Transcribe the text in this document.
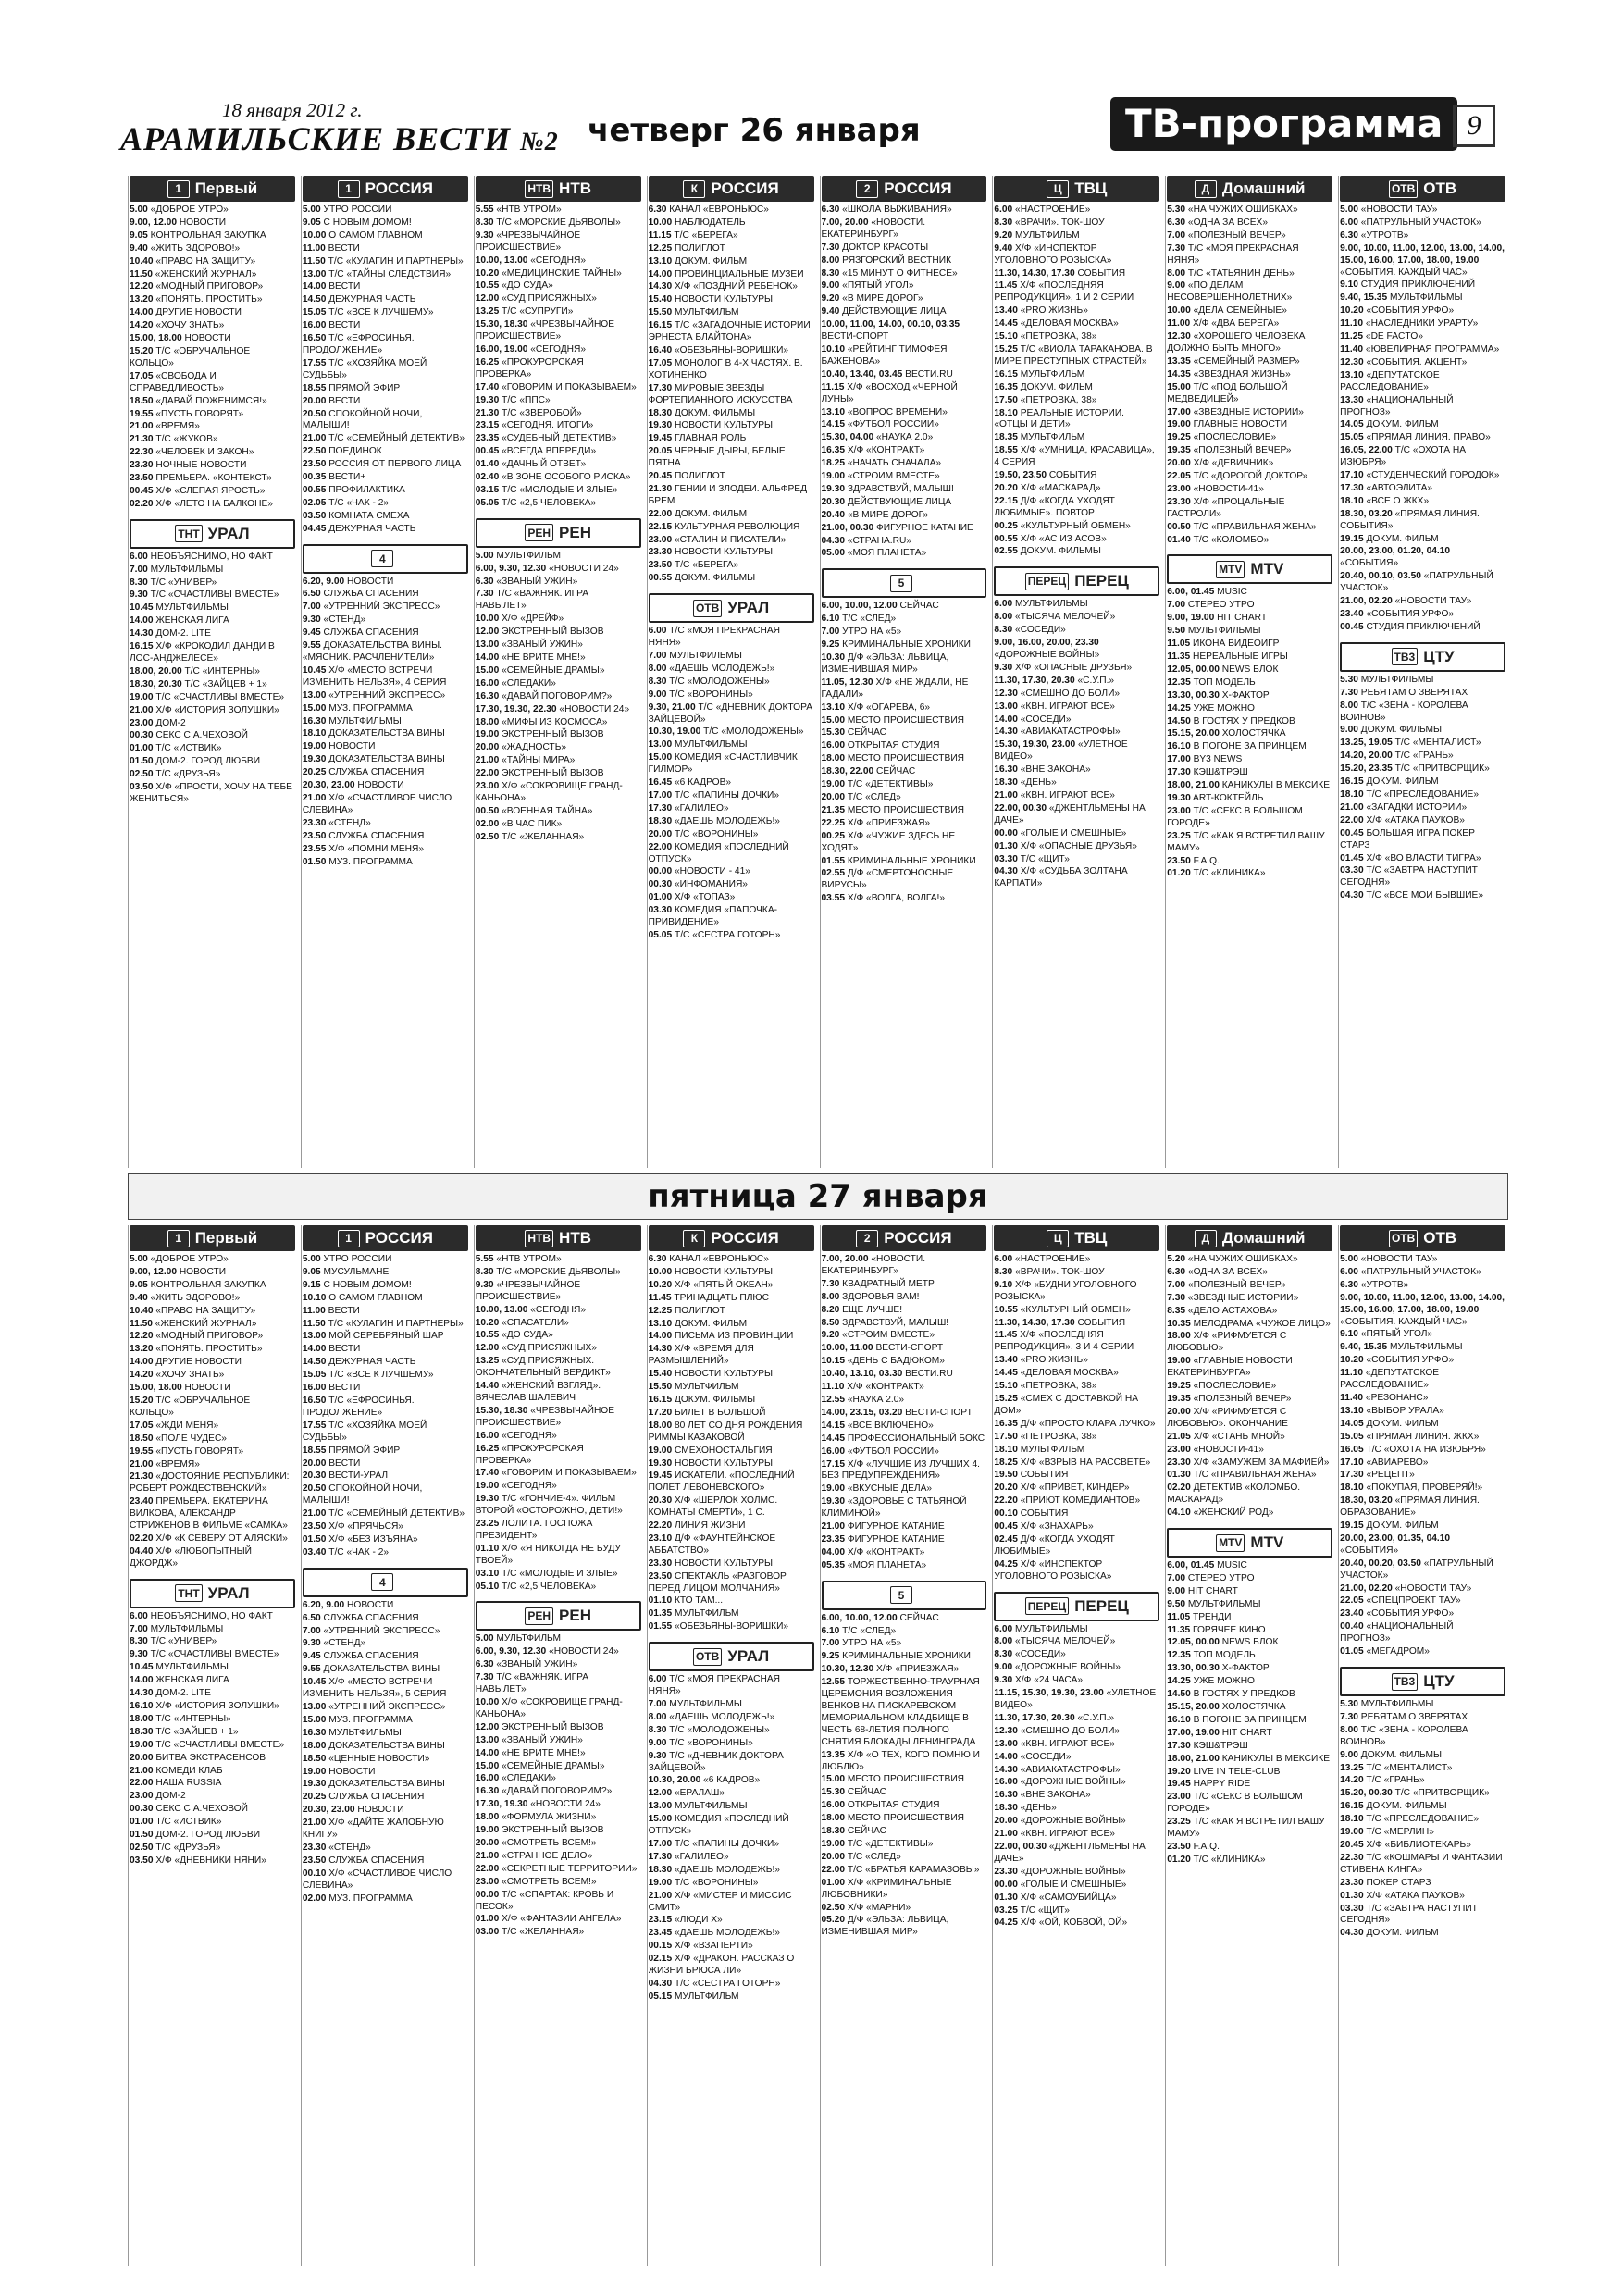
18 января 2012 г.
АРАМИЛЬСКИЕ ВЕСТИ №2 четверг 26 января	ТВ-программа 9
1 Первый
5.00 «ДОБРОЕ УТРО»
9.00, 12.00 НОВОСТИ
9.05 КОНТРОЛЬНАЯ ЗАКУПКА
9.40 «ЖИТЬ ЗДОРОВО!»
10.40 «ПРАВО НА ЗАЩИТУ»
11.50 «ЖЕНСКИЙ ЖУРНАЛ»
12.20 «МОДНЫЙ ПРИГОВОР»
13.20 «ПОНЯТЬ. ПРОСТИТЬ»
14.00 ДРУГИЕ НОВОСТИ
14.20 «ХОЧУ ЗНАТЬ»
15.00, 18.00 НОВОСТИ
15.20 Т/С «ОБРУЧАЛЬНОЕ КОЛЬЦО»
17.05 «СВОБОДА И СПРАВЕДЛИВОСТЬ»
18.50 «ДАВАЙ ПОЖЕНИМСЯ!»
19.55 «ПУСТЬ ГОВОРЯТ»
21.00 «ВРЕМЯ»
21.30 Т/С «ЖУКОВ»
22.30 «ЧЕЛОВЕК И ЗАКОН»
23.30 НОЧНЫЕ НОВОСТИ
23.50 ПРЕМЬЕРА. «КОНТЕКСТ»
00.45 Х/Ф «СЛЕПАЯ ЯРОСТЬ»
02.20 Х/Ф «ЛЕТО НА БАЛКОНЕ»
ТНТ УРАЛ
6.00 НЕОБЪЯСНИМО, НО ФАКТ
7.00 МУЛЬТФИЛЬМЫ
8.30 Т/С «УНИВЕР»
9.30 Т/С «СЧАСТЛИВЫ ВМЕСТЕ»
10.45 МУЛЬТФИЛЬМЫ
14.00 ЖЕНСКАЯ ЛИГА
14.30 ДОМ-2. LITE
16.15 Х/Ф «КРОКОДИЛ ДАНДИ В ЛОС-АНДЖЕЛЕСЕ»
18.00, 20.00 Т/С «ИНТЕРНЫ»
18.30, 20.30 Т/С «ЗАЙЦЕВ + 1»
19.00 Т/С «СЧАСТЛИВЫ ВМЕСТЕ»
21.00 Х/Ф «ИСТОРИЯ ЗОЛУШКИ»
23.00 ДОМ-2
00.30 СЕКС С А.ЧЕХОВОЙ
01.00 Т/С «ИСТВИК»
01.50 ДОМ-2. ГОРОД ЛЮБВИ
02.50 Т/С «ДРУЗЬЯ»
03.50 Х/Ф «ПРОСТИ, ХОЧУ НА ТЕБЕ ЖЕНИТЬСЯ»
1 РОССИЯ
5.00 УТРО РОССИИ
9.05 С НОВЫМ ДОМОМ!
10.00 О САМОМ ГЛАВНОМ
11.00 ВЕСТИ
11.50 Т/С «КУЛАГИН И ПАРТНЕРЫ»
13.00 Т/С «ТАЙНЫ СЛЕДСТВИЯ»
14.00 ВЕСТИ
14.50 ДЕЖУРНАЯ ЧАСТЬ
15.05 Т/С «ВСЕ К ЛУЧШЕМУ»
16.00 ВЕСТИ
16.50 Т/С «ЕФРОСИНЬЯ. ПРОДОЛЖЕНИЕ»
17.55 Т/С «ХОЗЯЙКА МОЕЙ СУДЬБЫ»
18.55 ПРЯМОЙ ЭФИР
20.00 ВЕСТИ
20.50 СПОКОЙНОЙ НОЧИ, МАЛЫШИ!
21.00 Т/С «СЕМЕЙНЫЙ ДЕТЕКТИВ»
22.50 ПОЕДИНОК
23.50 РОССИЯ ОТ ПЕРВОГО ЛИЦА
00.35 ВЕСТИ+
00.55 ПРОФИЛАКТИКА
02.05 Т/С «ЧАК - 2»
03.50 КОМНАТА СМЕХА
04.45 ДЕЖУРНАЯ ЧАСТЬ
4
6.20, 9.00 НОВОСТИ
6.50 СЛУЖБА СПАСЕНИЯ
7.00 «УТРЕННИЙ ЭКСПРЕСС»
9.30 «СТЕНД»
9.45 СЛУЖБА СПАСЕНИЯ
9.55 ДОКАЗАТЕЛЬСТВА ВИНЫ. «МЯСНИК. РАСЧЛЕНИТЕЛИ»
10.45 Х/Ф «МЕСТО ВСТРЕЧИ ИЗМЕНИТЬ НЕЛЬЗЯ», 4 СЕРИЯ
13.00 «УТРЕННИЙ ЭКСПРЕСС»
15.00 МУЗ. ПРОГРАММА
16.30 МУЛЬТФИЛЬМЫ
18.10 ДОКАЗАТЕЛЬСТВА ВИНЫ
19.00 НОВОСТИ
19.30 ДОКАЗАТЕЛЬСТВА ВИНЫ
20.25 СЛУЖБА СПАСЕНИЯ
20.30, 23.00 НОВОСТИ
21.00 Х/Ф «СЧАСТЛИВОЕ ЧИСЛО СЛЕВИНА»
23.30 «СТЕНД»
23.50 СЛУЖБА СПАСЕНИЯ
23.55 Х/Ф «ПОМНИ МЕНЯ»
01.50 МУЗ. ПРОГРАММА
НТВ НТВ
5.55 «НТВ УТРОМ»
8.30 Т/С «МОРСКИЕ ДЬЯВОЛЫ»
9.30 «ЧРЕЗВЫЧАЙНОЕ ПРОИСШЕСТВИЕ»
10.00, 13.00 «СЕГОДНЯ»
10.20 «МЕДИЦИНСКИЕ ТАЙНЫ»
10.55 «ДО СУДА»
12.00 «СУД ПРИСЯЖНЫХ»
13.25 Т/С «СУПРУГИ»
15.30, 18.30 «ЧРЕЗВЫЧАЙНОЕ ПРОИСШЕСТВИЕ»
16.00, 19.00 «СЕГОДНЯ»
16.25 «ПРОКУРОРСКАЯ ПРОВЕРКА»
17.40 «ГОВОРИМ И ПОКАЗЫВАЕМ»
19.30 Т/С «ППС»
21.30 Т/С «ЗВЕРОБОЙ»
23.15 «СЕГОДНЯ. ИТОГИ»
23.35 «СУДЕБНЫЙ ДЕТЕКТИВ»
00.45 «ВСЕГДА ВПЕРЕДИ»
01.40 «ДАЧНЫЙ ОТВЕТ»
02.40 «В ЗОНЕ ОСОБОГО РИСКА»
03.15 Т/С «МОЛОДЫЕ И ЗЛЫЕ»
05.05 Т/С «2,5 ЧЕЛОВЕКА»
РЕН РЕН
5.00 МУЛЬТФИЛЬМ
6.00, 9.30, 12.30 «НОВОСТИ 24»
6.30 «ЗВАНЫЙ УЖИН»
7.30 Т/С «ВАЖНЯК. ИГРА НАВЫЛЕТ»
10.00 Х/Ф «ДРЕЙФ»
12.00 ЭКСТРЕННЫЙ ВЫЗОВ
13.00 «ЗВАНЫЙ УЖИН»
14.00 «НЕ ВРИТЕ МНЕ!»
15.00 «СЕМЕЙНЫЕ ДРАМЫ»
16.00 «СЛЕДАКИ»
16.30 «ДАВАЙ ПОГОВОРИМ?»
17.30, 19.30, 22.30 «НОВОСТИ 24»
18.00 «МИФЫ ИЗ КОСМОСА»
19.00 ЭКСТРЕННЫЙ ВЫЗОВ
20.00 «ЖАДНОСТЬ»
21.00 «ТАЙНЫ МИРА»
22.00 ЭКСТРЕННЫЙ ВЫЗОВ
23.00 Х/Ф «СОКРОВИЩЕ ГРАНД-КАНЬОНА»
00.50 «ВОЕННАЯ ТАЙНА»
02.00 «В ЧАС ПИК»
02.50 Т/С «ЖЕЛАННАЯ»
К РОССИЯ
6.30 КАНАЛ «ЕВРОНЬЮС»
10.00 НАБЛЮДАТЕЛЬ
11.15 Т/С «БЕРЕГА»
12.25 ПОЛИГЛОТ
13.10 ДОКУМ. ФИЛЬМ
14.00 ПРОВИНЦИАЛЬНЫЕ МУЗЕИ
14.30 Х/Ф «ПОЗДНИЙ РЕБЕНОК»
15.40 НОВОСТИ КУЛЬТУРЫ
15.50 МУЛЬТФИЛЬМ
16.15 Т/С «ЗАГАДОЧНЫЕ ИСТОРИИ ЭРНЕСТА БЛАЙТОНА»
16.40 «ОБЕЗЬЯНЫ-ВОРИШКИ»
17.05 МОНОЛОГ В 4-Х ЧАСТЯХ. В. ХОТИНЕНКО
17.30 МИРОВЫЕ ЗВЕЗДЫ ФОРТЕПИАННОГО ИСКУССТВА
18.30 ДОКУМ. ФИЛЬМЫ
19.30 НОВОСТИ КУЛЬТУРЫ
19.45 ГЛАВНАЯ РОЛЬ
20.05 ЧЕРНЫЕ ДЫРЫ, БЕЛЫЕ ПЯТНА
20.45 ПОЛИГЛОТ
21.30 ГЕНИИ И ЗЛОДЕИ. АЛЬФРЕД БРЕМ
22.00 ДОКУМ. ФИЛЬМ
22.15 КУЛЬТУРНАЯ РЕВОЛЮЦИЯ
23.00 «СТАЛИН И ПИСАТЕЛИ»
23.30 НОВОСТИ КУЛЬТУРЫ
23.50 Т/С «БЕРЕГА»
00.55 ДОКУМ. ФИЛЬМЫ
ОТВ УРАЛ
6.00 Т/С «МОЯ ПРЕКРАСНАЯ НЯНЯ»
7.00 МУЛЬТФИЛЬМЫ
8.00 «ДАЕШЬ МОЛОДЕЖЬ!»
8.30 Т/С «МОЛОДОЖЕНЫ»
9.00 Т/С «ВОРОНИНЫ»
9.30, 21.00 Т/С «ДНЕВНИК ДОКТОРА ЗАЙЦЕВОЙ»
10.30, 19.00 Т/С «МОЛОДОЖЕНЫ»
13.00 МУЛЬТФИЛЬМЫ
15.00 КОМЕДИЯ «СЧАСТЛИВЧИК ГИЛМОР»
16.45 «6 КАДРОВ»
17.00 Т/С «ПАПИНЫ ДОЧКИ»
17.30 «ГАЛИЛЕО»
18.30 «ДАЕШЬ МОЛОДЕЖЬ!»
20.00 Т/С «ВОРОНИНЫ»
22.00 КОМЕДИЯ «ПОСЛЕДНИЙ ОТПУСК»
00.00 «НОВОСТИ - 41»
00.30 «ИНФОМАНИЯ»
01.00 Х/Ф «ТОПАЗ»
03.30 КОМЕДИЯ «ПАПОЧКА-ПРИВИДЕНИЕ»
05.05 Т/С «СЕСТРА ГОТОРН»
2 РОССИЯ
6.30 «ШКОЛА ВЫЖИВАНИЯ»
7.00, 20.00 «НОВОСТИ. ЕКАТЕРИНБУРГ»
7.30 ДОКТОР КРАСОТЫ
8.00 РЯЗГОРСКИЙ ВЕСТНИК
8.30 «15 МИНУТ О ФИТНЕСЕ»
9.00 «ПЯТЫЙ УГОЛ»
9.20 «В МИРЕ ДОРОГ»
9.40 ДЕЙСТВУЮЩИЕ ЛИЦА
10.00, 11.00, 14.00, 00.10, 03.35 ВЕСТИ-СПОРТ
10.10 «РЕЙТИНГ ТИМОФЕЯ БАЖЕНОВА»
10.40, 13.40, 03.45 ВЕСТИ.RU
11.15 Х/Ф «ВОСХОД «ЧЕРНОЙ ЛУНЫ»
13.10 «ВОПРОС ВРЕМЕНИ»
14.15 «ФУТБОЛ РОССИИ»
15.30, 04.00 «НАУКА 2.0»
16.35 Х/Ф «КОНТРАКТ»
18.25 «НАЧАТЬ СНАЧАЛА»
19.00 «СТРОИМ ВМЕСТЕ»
19.30 ЗДРАВСТВУЙ, МАЛЫШ!
20.30 ДЕЙСТВУЮЩИЕ ЛИЦА
20.40 «В МИРЕ ДОРОГ»
21.00, 00.30 ФИГУРНОЕ КАТАНИЕ
04.30 «СТРАНА.RU»
05.00 «МОЯ ПЛАНЕТА»
5
6.00, 10.00, 12.00 СЕЙЧАС
6.10 Т/С «СЛЕД»
7.00 УТРО НА «5»
9.25 КРИМИНАЛЬНЫЕ ХРОНИКИ
10.30 Д/Ф «ЭЛЬЗА: ЛЬВИЦА, ИЗМЕНИВШАЯ МИР»
11.05, 12.30 Х/Ф «НЕ ЖДАЛИ, НЕ ГАДАЛИ»
13.10 Х/Ф «ОГАРЕВА, 6»
15.00 МЕСТО ПРОИСШЕСТВИЯ
15.30 СЕЙЧАС
16.00 ОТКРЫТАЯ СТУДИЯ
18.00 МЕСТО ПРОИСШЕСТВИЯ
18.30, 22.00 СЕЙЧАС
19.00 Т/С «ДЕТЕКТИВЫ»
20.00 Т/С «СЛЕД»
21.35 МЕСТО ПРОИСШЕСТВИЯ
22.25 Х/Ф «ПРИЕЗЖАЯ»
00.25 Х/Ф «ЧУЖИЕ ЗДЕСЬ НЕ ХОДЯТ»
01.55 КРИМИНАЛЬНЫЕ ХРОНИКИ
02.55 Д/Ф «СМЕРТОНОСНЫЕ ВИРУСЫ»
03.55 Х/Ф «ВОЛГА, ВОЛГА!»
Ц ТВЦ
6.00 «НАСТРОЕНИЕ»
8.30 «ВРАЧИ». ТОК-ШОУ
9.20 МУЛЬТФИЛЬМ
9.40 Х/Ф «ИНСПЕКТОР УГОЛОВНОГО РОЗЫСКА»
11.30, 14.30, 17.30 СОБЫТИЯ
11.45 Х/Ф «ПОСЛЕДНЯЯ РЕПРОДУКЦИЯ», 1 И 2 СЕРИИ
13.40 «PRO ЖИЗНЬ»
14.45 «ДЕЛОВАЯ МОСКВА»
15.10 «ПЕТРОВКА, 38»
15.25 Т/С «ВИОЛА ТАРАКАНОВA. В МИРЕ ПРЕСТУПНЫХ СТРАСТЕЙ»
16.15 МУЛЬТФИЛЬМ
16.35 ДОКУМ. ФИЛЬМ
17.50 «ПЕТРОВКА, 38»
18.10 РЕАЛЬНЫЕ ИСТОРИИ. «ОТЦЫ И ДЕТИ»
18.35 МУЛЬТФИЛЬМ
18.55 Х/Ф «УМНИЦА, КРАСАВИЦА», 4 СЕРИЯ
19.50, 23.50 СОБЫТИЯ
20.20 Х/Ф «МАСКАРАД»
22.15 Д/Ф «КОГДА УХОДЯТ ЛЮБИМЫЕ». ПОВТОР
00.25 «КУЛЬТУРНЫЙ ОБМЕН»
00.55 Х/Ф «АС ИЗ АСОВ»
02.55 ДОКУМ. ФИЛЬМЫ
ПЕРЕЦ ПЕРЕЦ
6.00 МУЛЬТФИЛЬМЫ
8.00 «ТЫСЯЧА МЕЛОЧЕЙ»
8.30 «СОСЕДИ»
9.00, 16.00, 20.00, 23.30 «ДОРОЖНЫЕ ВОЙНЫ»
9.30 Х/Ф «ОПАСНЫЕ ДРУЗЬЯ»
11.30, 17.30, 20.30 «С.У.П.»
12.30 «СМЕШНО ДО БОЛИ»
13.00 «КВН. ИГРАЮТ ВСЕ»
14.00 «СОСЕДИ»
14.30 «АВИАКАТАСТРОФЫ»
15.30, 19.30, 23.00 «УЛЕТНОЕ ВИДЕО»
16.30 «ВНЕ ЗАКОНА»
18.30 «ДЕНЬ»
21.00 «КВН. ИГРАЮТ ВСЕ»
22.00, 00.30 «ДЖЕНТЛЬМЕНЫ НА ДАЧЕ»
00.00 «ГОЛЫЕ И СМЕШНЫЕ»
01.30 Х/Ф «ОПАСНЫЕ ДРУЗЬЯ»
03.30 Т/С «ЩИТ»
04.30 Х/Ф «СУДЬБА ЗОЛТАНА КАРПАТИ»
Д Домашний
5.30 «НА ЧУЖИХ ОШИБКАХ»
6.30 «ОДНА ЗА ВСЕХ»
7.00 «ПОЛЕЗНЫЙ ВЕЧЕР»
7.30 Т/С «МОЯ ПРЕКРАСНАЯ НЯНЯ»
8.00 Т/С «ТАТЬЯНИН ДЕНЬ»
9.00 «ПО ДЕЛАМ НЕСОВЕРШЕННОЛЕТНИХ»
10.00 «ДЕЛА СЕМЕЙНЫЕ»
11.00 Х/Ф «ДВА БЕРЕГА»
12.30 «ХОРОШЕГО ЧЕЛОВЕКА ДОЛЖНО БЫТЬ МНОГО»
13.35 «СЕМЕЙНЫЙ РАЗМЕР»
14.35 «ЗВЕЗДНАЯ ЖИЗНЬ»
15.00 Т/С «ПОД БОЛЬШОЙ МЕДВЕДИЦЕЙ»
17.00 «ЗВЕЗДНЫЕ ИСТОРИИ»
19.00 ГЛАВНЫЕ НОВОСТИ
19.25 «ПОСЛЕСЛОВИЕ»
19.35 «ПОЛЕЗНЫЙ ВЕЧЕР»
20.00 Х/Ф «ДЕВИЧНИК»
22.05 Т/С «ДОРОГОЙ ДОКТОР»
23.00 «НОВОСТИ-41»
23.30 Х/Ф «ПРОЦАЛЬНЫЕ ГАСТРОЛИ»
00.50 Т/С «ПРАВИЛЬНАЯ ЖЕНА»
01.40 Т/С «КОЛОМБО»
MTV MTV
6.00, 01.45 MUSIC
7.00 СТЕРЕО УТРО
9.00, 19.00 HIT CHART
9.50 МУЛЬТФИЛЬМЫ
11.05 ИКОНА ВИДЕОИГР
11.35 НЕРЕАЛЬНЫЕ ИГРЫ
12.05, 00.00 NEWS БЛОК
12.35 ТОП МОДЕЛЬ
13.30, 00.30 Х-ФАКТОР
14.25 УЖЕ МОЖНО
14.50 В ГОСТЯХ У ПРЕДКОВ
15.15, 20.00 ХОЛОСТЯЧКА
16.10 В ПОГОНЕ ЗА ПРИНЦЕМ
17.00 BY3 NEWS
17.30 КЭШ&ТРЭШ
18.00, 21.00 КАНИКУЛЫ В МЕКСИКЕ
19.30 ART-КОКТЕЙЛЬ
23.00 Т/С «СЕКС В БОЛЬШОМ ГОРОДЕ»
23.25 Т/С «КАК Я ВСТРЕТИЛ ВАШУ МАМУ»
23.50 F.A.Q.
01.20 Т/С «КЛИНИКА»
ОТВ ОТВ
5.00 «НОВОСТИ ТАУ»
6.00 «ПАТРУЛЬНЫЙ УЧАСТОК»
6.30 «УТРОТВ»
9.00, 10.00, 11.00, 12.00, 13.00, 14.00, 15.00, 16.00, 17.00, 18.00, 19.00 «СОБЫТИЯ. КАЖДЫЙ ЧАС»
9.10 СТУДИЯ ПРИКЛЮЧЕНИЙ
9.40, 15.35 МУЛЬТФИЛЬМЫ
10.20 «СОБЫТИЯ УРФО»
11.10 «НАСЛЕДНИКИ УРАРТУ»
11.25 «DE FACTO»
11.40 «ЮВЕЛИРНАЯ ПРОГРАММА»
12.30 «СОБЫТИЯ. АКЦЕНТ»
13.10 «ДЕПУТАТСКОЕ РАССЛЕДОВАНИЕ»
13.30 «НАЦИОНАЛЬНЫЙ ПРОГНОЗ»
14.05 ДОКУМ. ФИЛЬМ
15.05 «ПРЯМАЯ ЛИНИЯ. ПРАВО»
16.05, 22.00 Т/С «ОХОТА НА ИЗЮБРЯ»
17.10 «СТУДЕНЧЕСКИЙ ГОРОДОК»
17.30 «АВТОЭЛИТА»
18.10 «ВСЕ О ЖКХ»
18.30, 03.20 «ПРЯМАЯ ЛИНИЯ. СОБЫТИЯ»
19.15 ДОКУМ. ФИЛЬМ
20.00, 23.00, 01.20, 04.10 «СОБЫТИЯ»
20.40, 00.10, 03.50 «ПАТРУЛЬНЫЙ УЧАСТОК»
21.00, 02.20 «НОВОСТИ ТАУ»
23.40 «СОБЫТИЯ УРФО»
00.45 СТУДИЯ ПРИКЛЮЧЕНИЙ
ТВ3 ЦТУ
5.30 МУЛЬТФИЛЬМЫ
7.30 РЕБЯТАМ О ЗВЕРЯТАХ
8.00 Т/С «ЗЕНА - КОРОЛЕВА ВОИНОВ»
9.00 ДОКУМ. ФИЛЬМЫ
13.25, 19.05 Т/С «МЕНТАЛИСТ»
14.20, 20.00 Т/С «ГРАНЬ»
15.20, 23.35 Т/С «ПРИТВОРЩИК»
16.15 ДОКУМ. ФИЛЬМ
18.10 Т/С «ПРЕСЛЕДОВАНИЕ»
21.00 «ЗАГАДКИ ИСТОРИИ»
22.00 Х/Ф «АТАКА ПАУКОВ»
00.45 БОЛЬШАЯ ИГРА ПОКЕР СТАРЗ
01.45 Х/Ф «ВО ВЛАСТИ ТИГРА»
03.30 Т/С «ЗАВТРА НАСТУПИТ СЕГОДНЯ»
04.30 Т/С «ВСЕ МОИ БЫВШИЕ»
пятница 27 января
1 Первый
5.00 «ДОБРОЕ УТРО»
9.00, 12.00 НОВОСТИ
9.05 КОНТРОЛЬНАЯ ЗАКУПКА
9.40 «ЖИТЬ ЗДОРОВО!»
10.40 «ПРАВО НА ЗАЩИТУ»
11.50 «ЖЕНСКИЙ ЖУРНАЛ»
12.20 «МОДНЫЙ ПРИГОВОР»
13.20 «ПОНЯТЬ. ПРОСТИТЬ»
14.00 ДРУГИЕ НОВОСТИ
14.20 «ХОЧУ ЗНАТЬ»
15.00, 18.00 НОВОСТИ
15.20 Т/С «ОБРУЧАЛЬНОЕ КОЛЬЦО»
17.05 «ЖДИ МЕНЯ»
18.50 «ПОЛЕ ЧУДЕС»
19.55 «ПУСТЬ ГОВОРЯТ»
21.00 «ВРЕМЯ»
21.30 «ДОСТОЯНИЕ РЕСПУБЛИКИ: РОБЕРТ РОЖДЕСТВЕНСКИЙ»
23.40 ПРЕМЬЕРА. ЕКАТЕРИНА ВИЛКОВА, АЛЕКСАНДР СТРИЖЕНОВ В ФИЛЬМЕ «САМКА»
02.20 Х/Ф «К СЕВЕРУ ОТ АЛЯСКИ»
04.40 Х/Ф «ЛЮБОПЫТНЫЙ ДЖОРДЖ»
ТНТ УРАЛ
6.00 НЕОБЪЯСНИМО, НО ФАКТ
7.00 МУЛЬТФИЛЬМЫ
8.30 Т/С «УНИВЕР»
9.30 Т/С «СЧАСТЛИВЫ ВМЕСТЕ»
10.45 МУЛЬТФИЛЬМЫ
14.00 ЖЕНСКАЯ ЛИГА
14.30 ДОМ-2. LITE
16.10 Х/Ф «ИСТОРИЯ ЗОЛУШКИ»
18.00 Т/С «ИНТЕРНЫ»
18.30 Т/С «ЗАЙЦЕВ + 1»
19.00 Т/С «СЧАСТЛИВЫ ВМЕСТЕ»
20.00 БИТВА ЭКСТРАСЕНСОВ
21.00 КОМЕДИ КЛАБ
22.00 НАША RUSSIA
23.00 ДОМ-2
00.30 СЕКС С А.ЧЕХОВОЙ
01.00 Т/С «ИСТВИК»
01.50 ДОМ-2. ГОРОД ЛЮБВИ
02.50 Т/С «ДРУЗЬЯ»
03.50 Х/Ф «ДНЕВНИКИ НЯНИ»
1 РОССИЯ
5.00 УТРО РОССИИ
9.05 МУСУЛЬМАНЕ
9.15 С НОВЫМ ДОМОМ!
10.10 О САМОМ ГЛАВНОМ
11.00 ВЕСТИ
11.50 Т/С «КУЛАГИН И ПАРТНЕРЫ»
13.00 МОЙ СЕРЕБРЯНЫЙ ШАР
14.00 ВЕСТИ
14.50 ДЕЖУРНАЯ ЧАСТЬ
15.05 Т/С «ВСЕ К ЛУЧШЕМУ»
16.00 ВЕСТИ
16.50 Т/С «ЕФРОСИНЬЯ. ПРОДОЛЖЕНИЕ»
17.55 Т/С «ХОЗЯЙКА МОЕЙ СУДЬБЫ»
18.55 ПРЯМОЙ ЭФИР
20.00 ВЕСТИ
20.30 ВЕСТИ-УРАЛ
20.50 СПОКОЙНОЙ НОЧИ, МАЛЫШИ!
21.00 Т/С «СЕМЕЙНЫЙ ДЕТЕКТИВ»
23.50 Х/Ф «ПРЯЧЬСЯ»
01.50 Х/Ф «БЕЗ ИЗЪЯНА»
03.40 Т/С «ЧАК - 2»
4
6.20, 9.00 НОВОСТИ
6.50 СЛУЖБА СПАСЕНИЯ
7.00 «УТРЕННИЙ ЭКСПРЕСС»
9.30 «СТЕНД»
9.45 СЛУЖБА СПАСЕНИЯ
9.55 ДОКАЗАТЕЛЬСТВА ВИНЫ
10.45 Х/Ф «МЕСТО ВСТРЕЧИ ИЗМЕНИТЬ НЕЛЬЗЯ», 5 СЕРИЯ
13.00 «УТРЕННИЙ ЭКСПРЕСС»
15.00 МУЗ. ПРОГРАММА
16.30 МУЛЬТФИЛЬМЫ
18.00 ДОКАЗАТЕЛЬСТВА ВИНЫ
18.50 «ЦЕННЫЕ НОВОСТИ»
19.00 НОВОСТИ
19.30 ДОКАЗАТЕЛЬСТВА ВИНЫ
20.25 СЛУЖБА СПАСЕНИЯ
20.30, 23.00 НОВОСТИ
21.00 Х/Ф «ДАЙТЕ ЖАЛОБНУЮ КНИГУ»
23.30 «СТЕНД»
23.50 СЛУЖБА СПАСЕНИЯ
00.10 Х/Ф «СЧАСТЛИВОЕ ЧИСЛО СЛЕВИНА»
02.00 МУЗ. ПРОГРАММА
НТВ НТВ
5.55 «НТВ УТРОМ»
8.30 Т/С «МОРСКИЕ ДЬЯВОЛЫ»
9.30 «ЧРЕЗВЫЧАЙНОЕ ПРОИСШЕСТВИЕ»
10.00, 13.00 «СЕГОДНЯ»
10.20 «СПАСАТЕЛИ»
10.55 «ДО СУДА»
12.00 «СУД ПРИСЯЖНЫХ»
13.25 «СУД ПРИСЯЖНЫХ. ОКОНЧАТЕЛЬНЫЙ ВЕРДИКТ»
14.40 «ЖЕНСКИЙ ВЗГЛЯД». ВЯЧЕСЛАВ ШАЛЕВИЧ
15.30, 18.30 «ЧРЕЗВЫЧАЙНОЕ ПРОИСШЕСТВИЕ»
16.00 «СЕГОДНЯ»
16.25 «ПРОКУРОРСКАЯ ПРОВЕРКА»
17.40 «ГОВОРИМ И ПОКАЗЫВАЕМ»
19.00 «СЕГОДНЯ»
19.30 Т/С «ГОНЧИЕ-4». ФИЛЬМ ВТОРОЙ «ОСТОРОЖНО, ДЕТИ!»
23.25 ЛОЛИТА. ГОСПОЖА ПРЕЗИДЕНТ»
01.10 Х/Ф «Я НИКОГДА НЕ БУДУ ТВОЕЙ»
03.10 Т/С «МОЛОДЫЕ И ЗЛЫЕ»
05.10 Т/С «2,5 ЧЕЛОВЕКА»
РЕН РЕН
5.00 МУЛЬТФИЛЬМ
6.00, 9.30, 12.30 «НОВОСТИ 24»
6.30 «ЗВАНЫЙ УЖИН»
7.30 Т/С «ВАЖНЯК. ИГРА НАВЫЛЕТ»
10.00 Х/Ф «СОКРОВИЩЕ ГРАНД-КАНЬОНА»
12.00 ЭКСТРЕННЫЙ ВЫЗОВ
13.00 «ЗВАНЫЙ УЖИН»
14.00 «НЕ ВРИТЕ МНЕ!»
15.00 «СЕМЕЙНЫЕ ДРАМЫ»
16.00 «СЛЕДАКИ»
16.30 «ДАВАЙ ПОГОВОРИМ?»
17.30, 19.30 «НОВОСТИ 24»
18.00 «ФОРМУЛА ЖИЗНИ»
19.00 ЭКСТРЕННЫЙ ВЫЗОВ
20.00 «СМОТРЕТЬ ВСЕМ!»
21.00 «СТРАННОЕ ДЕЛО»
22.00 «СЕКРЕТНЫЕ ТЕРРИТОРИИ»
23.00 «СМОТРЕТЬ ВСЕМ!»
00.00 Т/С «СПАРТАК: КРОВЬ И ПЕСОК»
01.00 Х/Ф «ФАНТАЗИИ АНГЕЛА»
03.00 Т/С «ЖЕЛАННАЯ»
К РОССИЯ
6.30 КАНАЛ «ЕВРОНЬЮС»
10.00 НОВОСТИ КУЛЬТУРЫ
10.20 Х/Ф «ПЯТЫЙ ОКЕАН»
11.45 ТРИНАДЦАТЬ ПЛЮС
12.25 ПОЛИГЛОТ
13.10 ДОКУМ. ФИЛЬМ
14.00 ПИСЬМА ИЗ ПРОВИНЦИИ
14.30 Х/Ф «ВРЕМЯ ДЛЯ РАЗМЫШЛЕНИЙ»
15.40 НОВОСТИ КУЛЬТУРЫ
15.50 МУЛЬТФИЛЬМ
16.15 ДОКУМ. ФИЛЬМЫ
17.20 БИЛЕТ В БОЛЬШОЙ
18.00 80 ЛЕТ СО ДНЯ РОЖДЕНИЯ РИММЫ КАЗАКОВОЙ
19.00 СМЕХОНОСТАЛЬГИЯ
19.30 НОВОСТИ КУЛЬТУРЫ
19.45 ИСКАТЕЛИ. «ПОСЛЕДНИЙ ПОЛЕТ ЛЕВОНЕВСКОГО»
20.30 Х/Ф «ШЕРЛОК ХОЛМС. КОМНАТЫ СМЕРТИ», 1 С.
22.20 ЛИНИЯ ЖИЗНИ
23.10 Д/Ф «ФАУНТЕЙНСКОЕ АББАТСТВО»
23.30 НОВОСТИ КУЛЬТУРЫ
23.50 СПЕКТАКЛЬ «РАЗГОВОР ПЕРЕД ЛИЦОМ МОЛЧАНИЯ»
01.10 КТО ТАМ...
01.35 МУЛЬТФИЛЬМ
01.55 «ОБЕЗЬЯНЫ-ВОРИШКИ»
ОТВ УРАЛ
6.00 Т/С «МОЯ ПРЕКРАСНАЯ НЯНЯ»
7.00 МУЛЬТФИЛЬМЫ
8.00 «ДАЕШЬ МОЛОДЕЖЬ!»
8.30 Т/С «МОЛОДОЖЕНЫ»
9.00 Т/С «ВОРОНИНЫ»
9.30 Т/С «ДНЕВНИК ДОКТОРА ЗАЙЦЕВОЙ»
10.30, 20.00 «6 КАДРОВ»
12.00 «ЕРАЛАШ»
13.00 МУЛЬТФИЛЬМЫ
15.00 КОМЕДИЯ «ПОСЛЕДНИЙ ОТПУСК»
17.00 Т/С «ПАПИНЫ ДОЧКИ»
17.30 «ГАЛИЛЕО»
18.30 «ДАЕШЬ МОЛОДЕЖЬ!»
19.00 Т/С «ВОРОНИНЫ»
21.00 Х/Ф «МИСТЕР И МИССИС СМИТ»
23.15 «ЛЮДИ Х»
23.45 «ДАЕШЬ МОЛОДЕЖЬ!»
00.15 Х/Ф «ВЗАПЕРТИ»
02.15 Х/Ф «ДРАКОН. РАССКАЗ О ЖИЗНИ БРЮСА ЛИ»
04.30 Т/С «СЕСТРА ГОТОРН»
05.15 МУЛЬТФИЛЬМ
2 РОССИЯ
7.00, 20.00 «НОВОСТИ. ЕКАТЕРИНБУРГ»
7.30 КВАДРАТНЫЙ МЕТР
8.00 ЗДОРОВЬЯ ВАМ!
8.20 ЕЩЕ ЛУЧШЕ!
8.50 ЗДРАВСТВУЙ, МАЛЫШ!
9.20 «СТРОИМ ВМЕСТЕ»
10.00, 11.00 ВЕСТИ-СПОРТ
10.15 «ДЕНЬ С БАДЮКОМ»
10.40, 13.10, 03.30 ВЕСТИ.RU
11.10 Х/Ф «КОНТРАКТ»
12.55 «НАУКА 2.0»
14.00, 23.15, 03.20 ВЕСТИ-СПОРТ
14.15 «ВСЕ ВКЛЮЧЕНО»
14.45 ПРОФЕССИОНАЛЬНЫЙ БОКС
16.00 «ФУТБОЛ РОССИИ»
17.15 Х/Ф «ЛУЧШИЕ ИЗ ЛУЧШИХ 4. БЕЗ ПРЕДУПРЕЖДЕНИЯ»
19.00 «ВКУСНЫЕ ДЕЛА»
19.30 «ЗДОРОВЬЕ С ТАТЬЯНОЙ КЛИМИНОЙ»
21.00 ФИГУРНОЕ КАТАНИЕ
23.35 ФИГУРНОЕ КАТАНИЕ
04.00 Х/Ф «КОНТРАКТ»
05.35 «МОЯ ПЛАНЕТА»
5
6.00, 10.00, 12.00 СЕЙЧАС
6.10 Т/С «СЛЕД»
7.00 УТРО НА «5»
9.25 КРИМИНАЛЬНЫЕ ХРОНИКИ
10.30, 12.30 Х/Ф «ПРИЕЗЖАЯ»
12.55 ТОРЖЕСТВЕННО-ТРАУРНАЯ ЦЕРЕМОНИЯ ВОЗЛОЖЕНИЯ ВЕНКОВ НА ПИСКАРЕВСКОМ МЕМОРИАЛЬНОМ КЛАДБИЩЕ В ЧЕСТЬ 68-ЛЕТИЯ ПОЛНОГО СНЯТИЯ БЛОКАДЫ ЛЕНИНГРАДА
13.35 Х/Ф «О ТЕХ, КОГО ПОМНЮ И ЛЮБЛЮ»
15.00 МЕСТО ПРОИСШЕСТВИЯ
15.30 СЕЙЧАС
16.00 ОТКРЫТАЯ СТУДИЯ
18.00 МЕСТО ПРОИСШЕСТВИЯ
18.30 СЕЙЧАС
19.00 Т/С «ДЕТЕКТИВЫ»
20.00 Т/С «СЛЕД»
22.00 Т/С «БРАТЬЯ КАРАМАЗОВЫ»
01.00 Х/Ф «КРИМИНАЛЬНЫЕ ЛЮБОВНИКИ»
02.50 Х/Ф «МАРНИ»
05.20 Д/Ф «ЭЛЬЗА: ЛЬВИЦА, ИЗМЕНИВШАЯ МИР»
Ц ТВЦ
6.00 «НАСТРОЕНИЕ»
8.30 «ВРАЧИ». ТОК-ШОУ
9.10 Х/Ф «БУДНИ УГОЛОВНОГО РОЗЫСКА»
10.55 «КУЛЬТУРНЫЙ ОБМЕН»
11.30, 14.30, 17.30 СОБЫТИЯ
11.45 Х/Ф «ПОСЛЕДНЯЯ РЕПРОДУКЦИЯ», 3 И 4 СЕРИИ
13.40 «PRO ЖИЗНЬ»
14.45 «ДЕЛОВАЯ МОСКВА»
15.10 «ПЕТРОВКА, 38»
15.25 «СМЕХ С ДОСТАВКОЙ НА ДОМ»
16.35 Д/Ф «ПРОСТО КЛАРА ЛУЧКО»
17.50 «ПЕТРОВКА, 38»
18.10 МУЛЬТФИЛЬМ
18.25 Х/Ф «ВЗРЫВ НА РАССВЕТЕ»
19.50 СОБЫТИЯ
20.20 Х/Ф «ПРИВЕТ, КИНДЕР»
22.20 «ПРИЮТ КОМЕДИАНТОВ»
00.10 СОБЫТИЯ
00.45 Х/Ф «ЗНАХАРЬ»
02.45 Д/Ф «КОГДА УХОДЯТ ЛЮБИМЫЕ»
04.25 Х/Ф «ИНСПЕКТОР УГОЛОВНОГО РОЗЫСКА»
ПЕРЕЦ ПЕРЕЦ
6.00 МУЛЬТФИЛЬМЫ
8.00 «ТЫСЯЧА МЕЛОЧЕЙ»
8.30 «СОСЕДИ»
9.00 «ДОРОЖНЫЕ ВОЙНЫ»
9.30 Х/Ф «24 ЧАСА»
11.15, 15.30, 19.30, 23.00 «УЛЕТНОЕ ВИДЕО»
11.30, 17.30, 20.30 «С.У.П.»
12.30 «СМЕШНО ДО БОЛИ»
13.00 «КВН. ИГРАЮТ ВСЕ»
14.00 «СОСЕДИ»
14.30 «АВИАКАТАСТРОФЫ»
16.00 «ДОРОЖНЫЕ ВОЙНЫ»
16.30 «ВНЕ ЗАКОНА»
18.30 «ДЕНЬ»
20.00 «ДОРОЖНЫЕ ВОЙНЫ»
21.00 «КВН. ИГРАЮТ ВСЕ»
22.00, 00.30 «ДЖЕНТЛЬМЕНЫ НА ДАЧЕ»
23.30 «ДОРОЖНЫЕ ВОЙНЫ»
00.00 «ГОЛЫЕ И СМЕШНЫЕ»
01.30 Х/Ф «САМОУБИЙЦА»
03.25 Т/С «ЩИТ»
04.25 Х/Ф «ОЙ, КОБВОЙ, ОЙ»
Д Домашний
5.20 «НА ЧУЖИХ ОШИБКАХ»
6.30 «ОДНА ЗА ВСЕХ»
7.00 «ПОЛЕЗНЫЙ ВЕЧЕР»
7.30 «ЗВЕЗДНЫЕ ИСТОРИИ»
8.35 «ДЕЛО АСТАХОВА»
10.35 МЕЛОДРАМА «ЧУЖОЕ ЛИЦО»
18.00 Х/Ф «РИФМУЕТСЯ С ЛЮБОВЬЮ»
19.00 «ГЛАВНЫЕ НОВОСТИ ЕКАТЕРИНБУРГА»
19.25 «ПОСЛЕСЛОВИЕ»
19.35 «ПОЛЕЗНЫЙ ВЕЧЕР»
20.00 Х/Ф «РИФМУЕТСЯ С ЛЮБОВЬЮ». ОКОНЧАНИЕ
21.05 Х/Ф «СТАНЬ МНОЙ»
23.00 «НОВОСТИ-41»
23.30 Х/Ф «ЗАМУЖЕМ ЗА МАФИЕЙ»
01.30 Т/С «ПРАВИЛЬНАЯ ЖЕНА»
02.20 ДЕТЕКТИВ «КОЛОМБО. МАСКАРАД»
04.10 «ЖЕНСКИЙ РОД»
MTV MTV
6.00, 01.45 MUSIC
7.00 СТЕРЕО УТРО
9.00 HIT CHART
9.50 МУЛЬТФИЛЬМЫ
11.05 ТРЕНДИ
11.35 ГОРЯЧЕЕ КИНО
12.05, 00.00 NEWS БЛОК
12.35 ТОП МОДЕЛЬ
13.30, 00.30 Х-ФАКТОР
14.25 УЖЕ МОЖНО
14.50 В ГОСТЯХ У ПРЕДКОВ
15.15, 20.00 ХОЛОСТЯЧКА
16.10 В ПОГОНЕ ЗА ПРИНЦЕМ
17.00, 19.00 HIT CHART
17.30 КЭШ&ТРЭШ
18.00, 21.00 КАНИКУЛЫ В МЕКСИКЕ
19.20 LIVE IN TELE-CLUB
19.45 HAPPY RIDE
23.00 Т/С «СЕКС В БОЛЬШОМ ГОРОДЕ»
23.25 Т/С «КАК Я ВСТРЕТИЛ ВАШУ МАМУ»
23.50 F.A.Q.
01.20 Т/С «КЛИНИКА»
ОТВ ОТВ
5.00 «НОВОСТИ ТАУ»
6.00 «ПАТРУЛЬНЫЙ УЧАСТОК»
6.30 «УТРОТВ»
9.00, 10.00, 11.00, 12.00, 13.00, 14.00, 15.00, 16.00, 17.00, 18.00, 19.00 «СОБЫТИЯ. КАЖДЫЙ ЧАС»
9.10 «ПЯТЫЙ УГОЛ»
9.40, 15.35 МУЛЬТФИЛЬМЫ
10.20 «СОБЫТИЯ УРФО»
11.10 «ДЕПУТАТСКОЕ РАССЛЕДОВАНИЕ»
11.40 «РЕЗОНАНС»
13.10 «ВЫБОР УРАЛА»
14.05 ДОКУМ. ФИЛЬМ
15.05 «ПРЯМАЯ ЛИНИЯ. ЖКХ»
16.05 Т/С «ОХОТА НА ИЗЮБРЯ»
17.10 «АВИАРЕВО»
17.30 «РЕЦЕПТ»
18.10 «ПОКУПАЯ, ПРОВЕРЯЙ!»
18.30, 03.20 «ПРЯМАЯ ЛИНИЯ. ОБРАЗОВАНИЕ»
19.15 ДОКУМ. ФИЛЬМ
20.00, 23.00, 01.35, 04.10 «СОБЫТИЯ»
20.40, 00.20, 03.50 «ПАТРУЛЬНЫЙ УЧАСТОК»
21.00, 02.20 «НОВОСТИ ТАУ»
22.05 «СПЕЦПРОЕКТ ТАУ»
23.40 «СОБЫТИЯ УРФО»
00.40 «НАЦИОНАЛЬНЫЙ ПРОГНОЗ»
01.05 «МЕГАДРОМ»
ТВ3 ЦТУ
5.30 МУЛЬТФИЛЬМЫ
7.30 РЕБЯТАМ О ЗВЕРЯТАХ
8.00 Т/С «ЗЕНА - КОРОЛЕВА ВОИНОВ»
9.00 ДОКУМ. ФИЛЬМЫ
13.25 Т/С «МЕНТАЛИСТ»
14.20 Т/С «ГРАНЬ»
15.20, 00.30 Т/С «ПРИТВОРЩИК»
16.15 ДОКУМ. ФИЛЬМЫ
18.10 Т/С «ПРЕСЛЕДОВАНИЕ»
19.00 Т/С «МЕРЛИН»
20.45 Х/Ф «БИБЛИОТЕКАРЬ»
22.30 Т/С «КОШМАРЫ И ФАНТАЗИИ СТИВЕНА КИНГА»
23.30 ПОКЕР СТАРЗ
01.30 Х/Ф «АТАКА ПАУКОВ»
03.30 Т/С «ЗАВТРА НАСТУПИТ СЕГОДНЯ»
04.30 ДОКУМ. ФИЛЬМ
